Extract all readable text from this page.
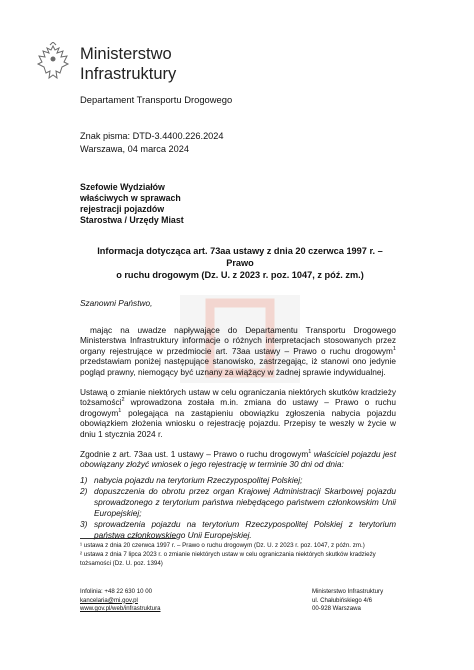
Ministerstwo
Infrastruktury
Departament Transportu Drogowego
Znak pisma: DTD-3.4400.226.2024
Warszawa, 04 marca 2024
Szefowie Wydziałów
właściwych w sprawach
rejestracji pojazdów
Starostwa / Urzędy Miast
Informacja dotycząca art. 73aa ustawy z dnia 20 czerwca 1997 r. – Prawo
o ruchu drogowym (Dz. U. z 2023 r. poz. 1047, z póź. zm.)

Szanowni Państwo,

mając na uwadze napływające do Departamentu Transportu Drogowego Ministerstwa Infrastruktury informacje o różnych interpretacjach stosowanych przez organy rejestrujące w przedmiocie art. 73aa ustawy – Prawo o ruchu drogowym$^1$ przedstawiam poniżej następujące stanowisko, zastrzegając, iż stanowi ono jedynie pogląd prawny, niemogący być uznany za wiążący w żadnej sprawie indywidualnej.

Ustawą o zmianie niektórych ustaw w celu ograniczania niektórych skutków kradzieży tożsamości$^2$ wprowadzona została m.in. zmiana do ustawy – Prawo o ruchu drogowym$^1$ polegająca na zastąpieniu obowiązku zgłoszenia nabycia pojazdu obowiązkiem złożenia wniosku o rejestrację pojazdu. Przepisy te weszły w życie w dniu 1 stycznia 2024 r.

Zgodnie z art. 73aa ust. 1 ustawy – Prawo o ruchu drogowym$^1$ właściciel pojazdu jest obowiązany złożyć wniosek o jego rejestrację w terminie 30 dni od dnia:

1) nabycia pojazdu na terytorium Rzeczypospolitej Polskiej;
2) dopuszczenia do obrotu przez organ Krajowej Administracji Skarbowej pojazdu sprowadzonego z terytorium państwa niebędącego państwem członkowskim Unii Europejskiej;
3) sprowadzenia pojazdu na terytorium Rzeczypospolitej Polskiej z terytorium państwa członkowskiego Unii Europejskiej.
¹ ustawa z dnia 20 czerwca 1997 r. – Prawo o ruchu drogowym (Dz. U. z 2023 r. poz. 1047, z późn. zm.)
² ustawa z dnia 7 lipca 2023 r. o zmianie niektórych ustaw w celu ograniczania niektórych skutków kradzieży
tożsamości (Dz. U. poz. 1394)
Infolinia: +48 22 630 10 00
kancelaria@mi.gov.pl
www.gov.pl/web/infrastruktura
Ministerstwo Infrastruktury
ul. Chałubińskiego 4/6
00-928 Warszawa
